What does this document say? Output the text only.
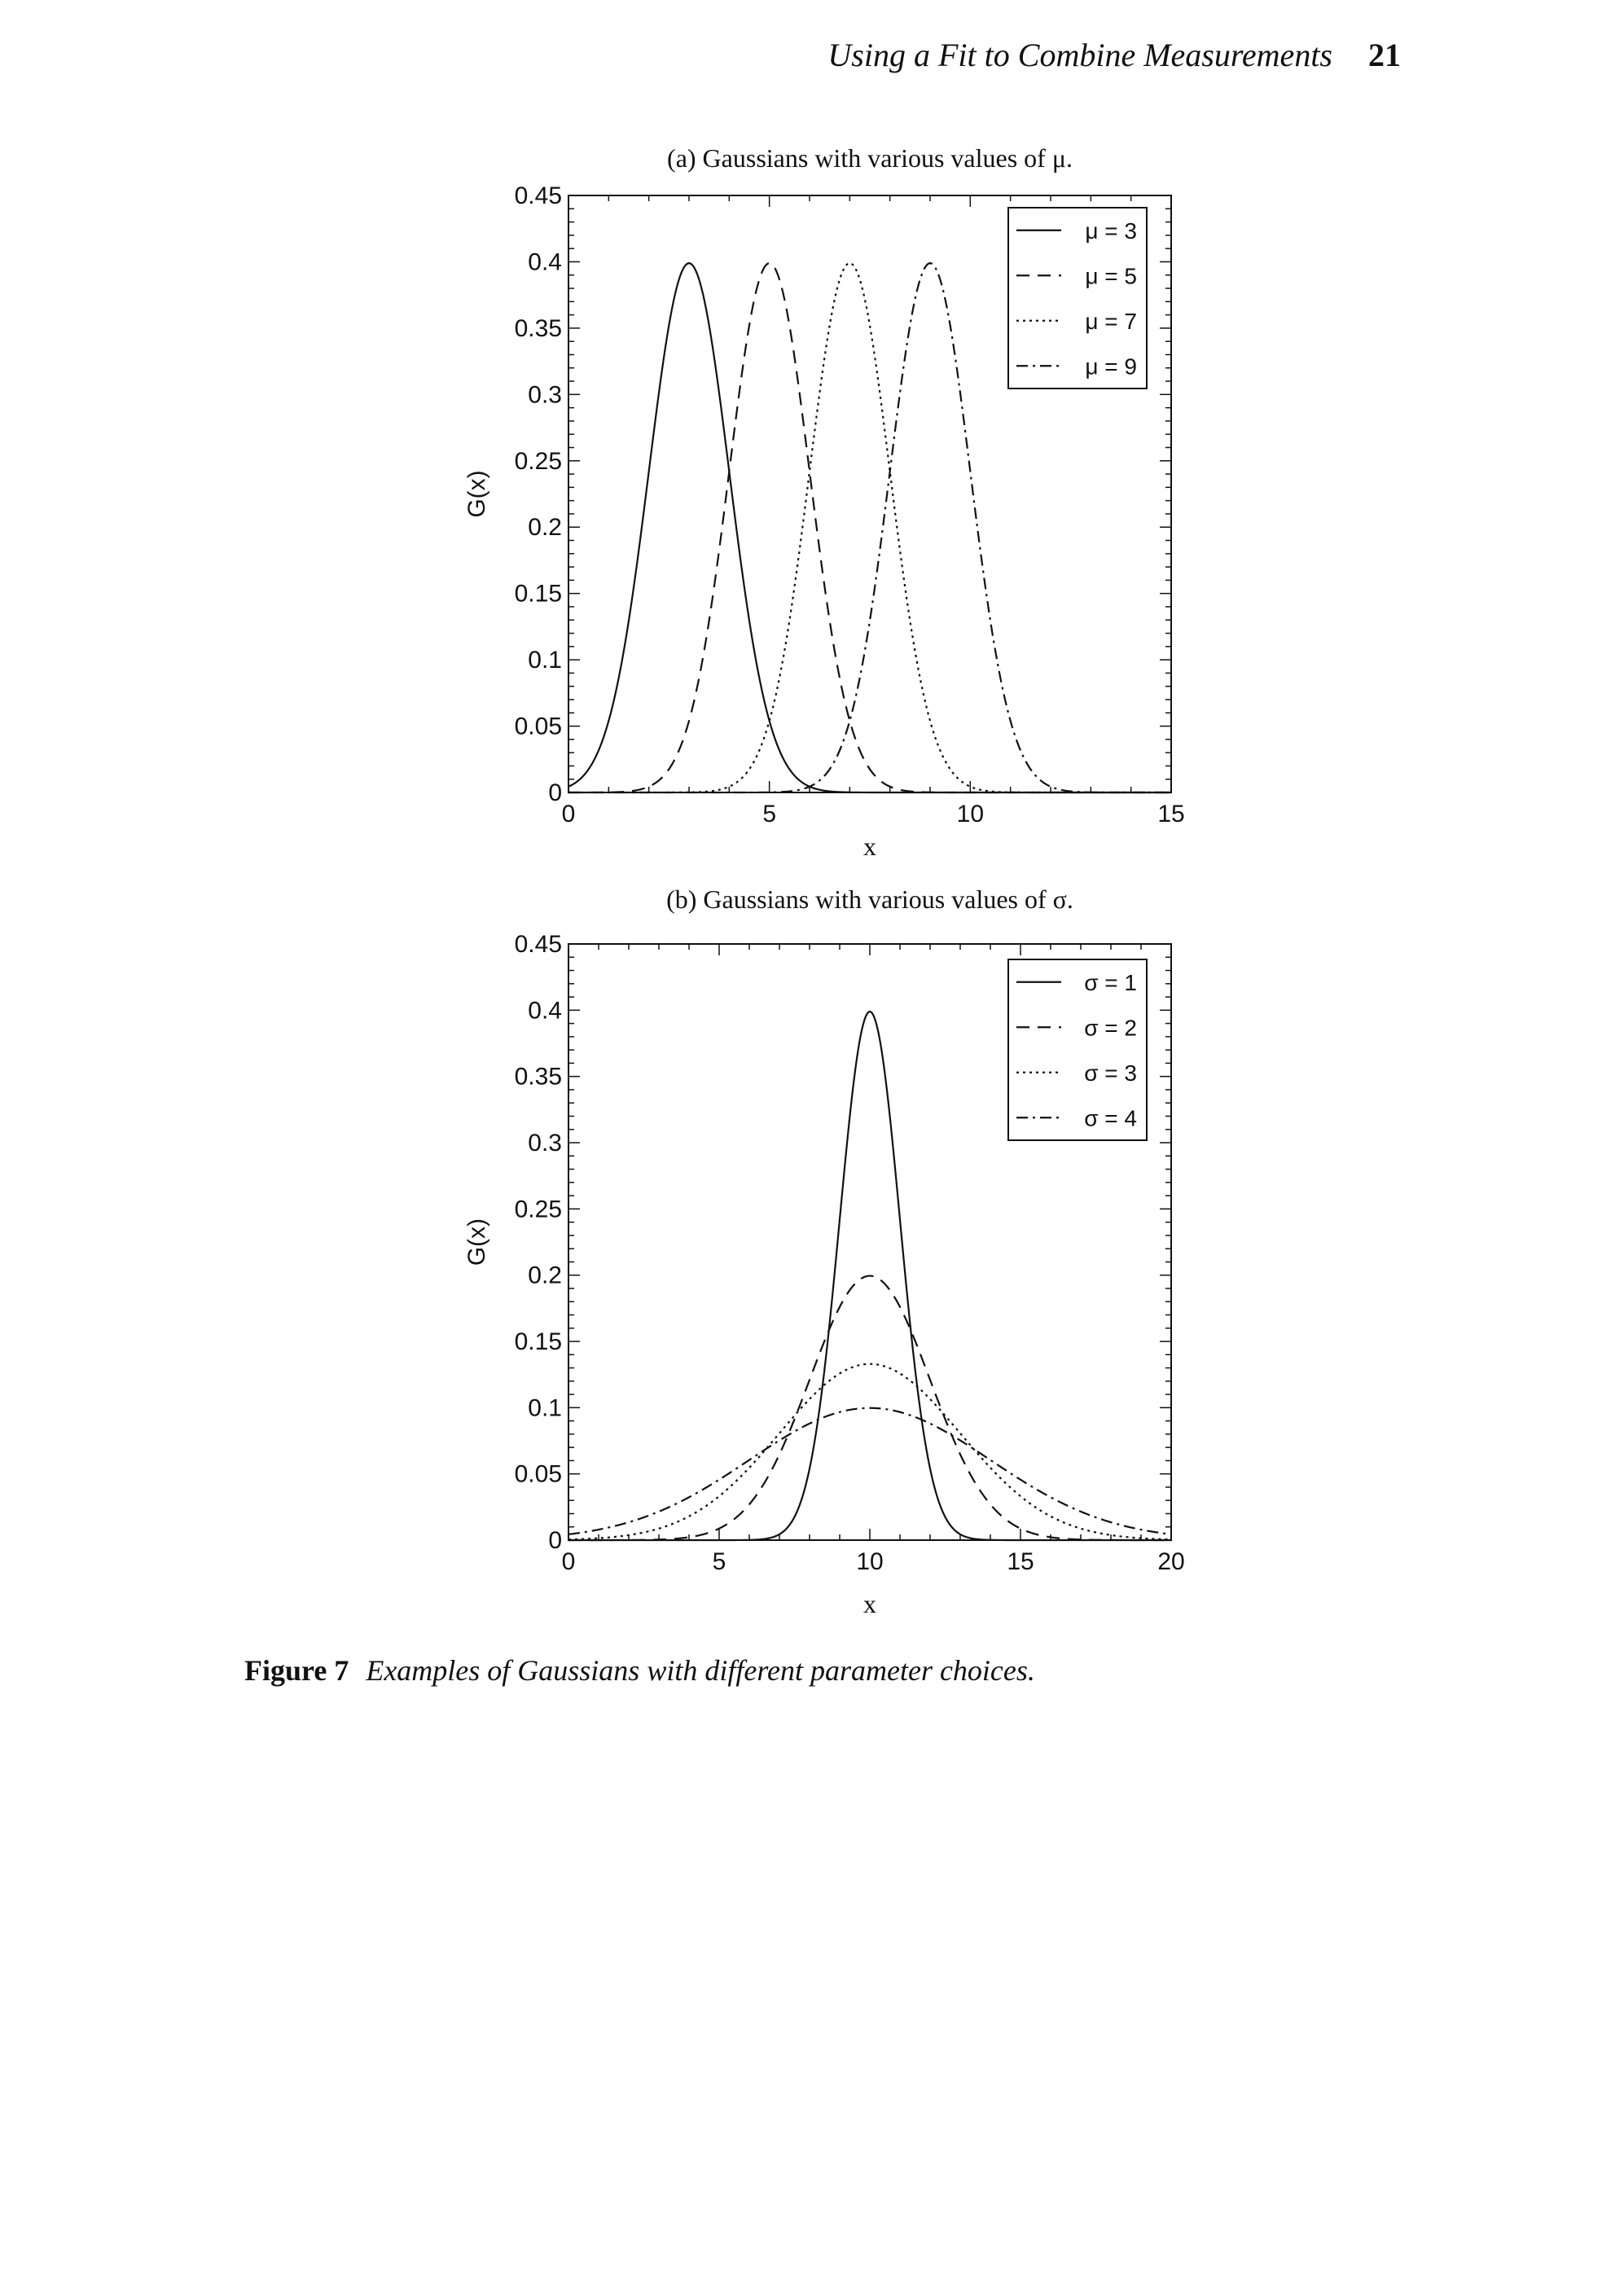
Using a Fit to Combine Measurements 21
(a) Gaussians with various values of μ.
0	5	10	15
0
0.05
0.1
0.15
0.2
0.25
0.3
0.35
0.4
0.45
x
G(x)
μ = 3
μ = 5
μ = 7
μ = 9
(b) Gaussians with various values of σ.
0	5	10	15	20
0
0.05
0.1
0.15
0.2
0.25
0.3
0.35
0.4
0.45
x
G(x)
σ = 1
σ = 2
σ = 3
σ = 4
Figure 7 Examples of Gaussians with different parameter choices.
